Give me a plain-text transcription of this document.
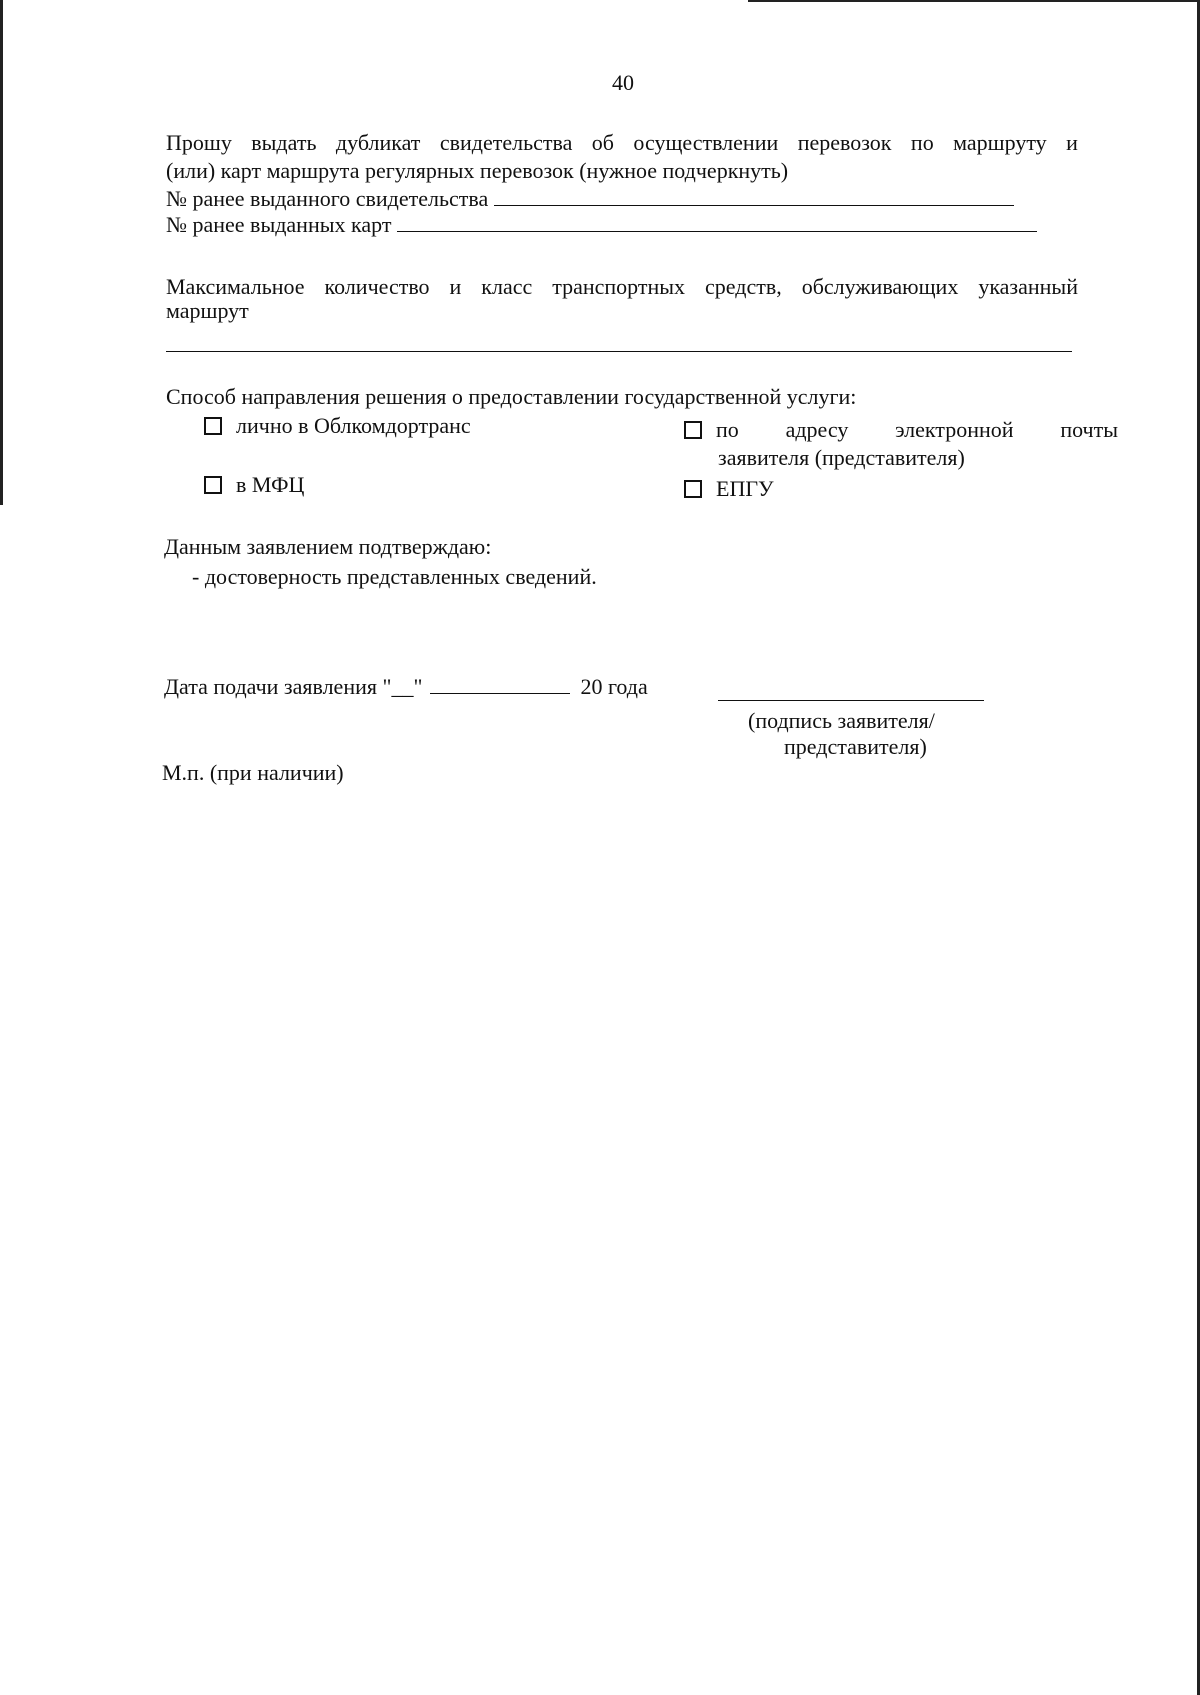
40
Прошу выдать дубликат свидетельства об осуществлении перевозок по маршруту и
(или) карт маршрута регулярных перевозок (нужное подчеркнуть)
№ ранее выданного свидетельства
№ ранее выданных карт
Максимальное количество и класс транспортных средств, обслуживающих указанный
маршрут
Способ направления решения о предоставлении государственной услуги:
лично в Облкомдортранс	по адресу электронной почты
заявителя (представителя)
в МФЦ	ЕПГУ
Данным заявлением подтверждаю:
- достоверность представленных сведений.
Дата подачи заявления "__"	20 года
(подпись заявителя/
представителя)
М.п. (при наличии)
